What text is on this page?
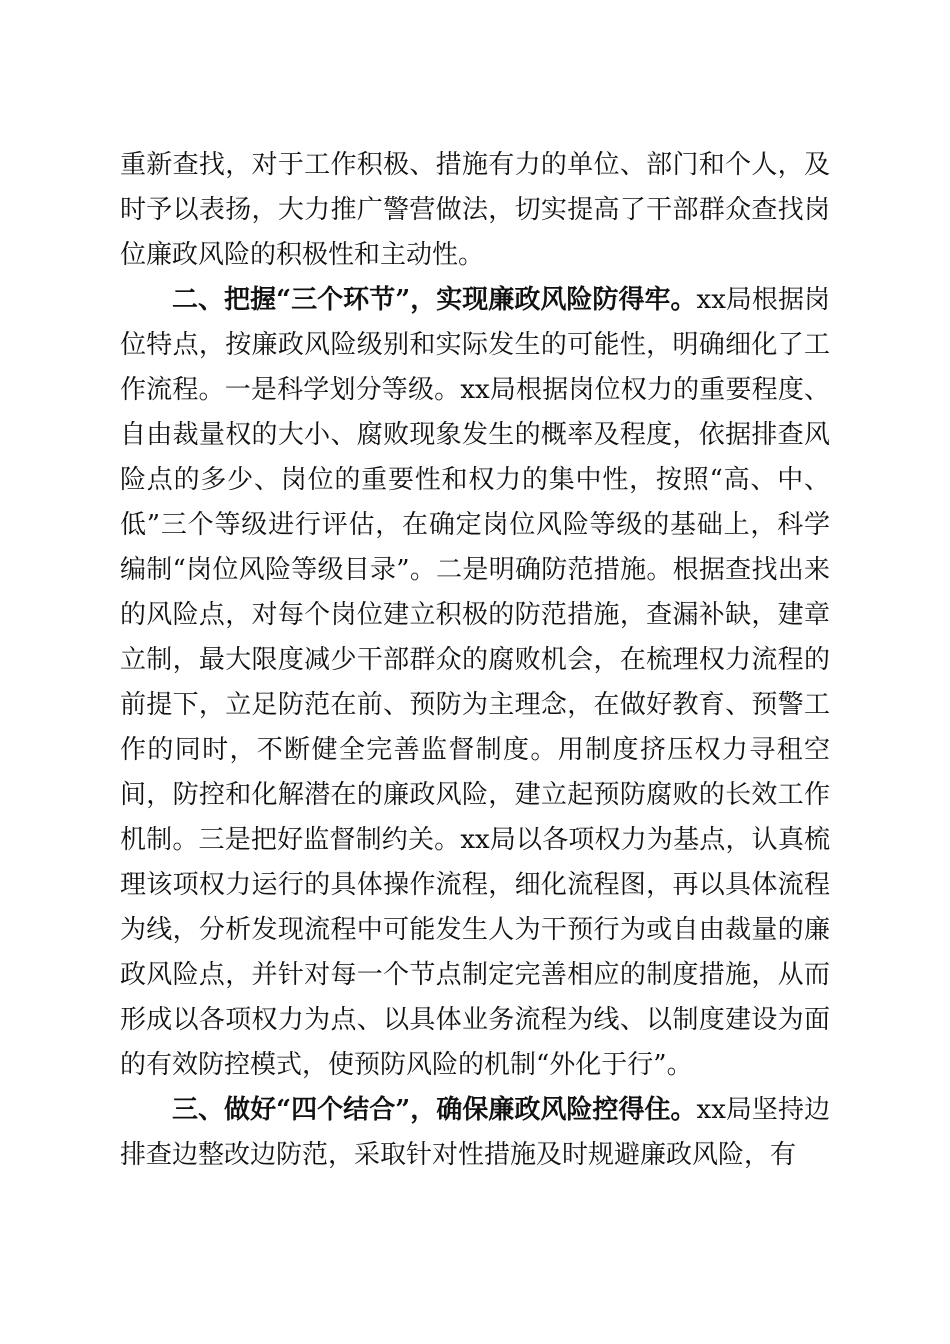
重新查找，对于工作积极、措施有力的单位、部门和个人，及时予以表扬，大力推广警营做法，切实提高了干部群众查找岗位廉政风险的积极性和主动性。

二、把握“三个环节”，实现廉政风险防得牢。xx局根据岗位特点，按廉政风险级别和实际发生的可能性，明确细化了工作流程。一是科学划分等级。xx局根据岗位权力的重要程度、自由裁量权的大小、腐败现象发生的概率及程度，依据排查风险点的多少、岗位的重要性和权力的集中性，按照“高、中、低”三个等级进行评估，在确定岗位风险等级的基础上，科学编制“岗位风险等级目录”。二是明确防范措施。根据查找出来的风险点，对每个岗位建立积极的防范措施，查漏补缺，建章立制，最大限度减少干部群众的腐败机会，在梳理权力流程的前提下，立足防范在前、预防为主理念，在做好教育、预警工作的同时，不断健全完善监督制度。用制度挤压权力寻租空间，防控和化解潜在的廉政风险，建立起预防腐败的长效工作机制。三是把好监督制约关。xx局以各项权力为基点，认真梳理该项权力运行的具体操作流程，细化流程图，再以具体流程为线，分析发现流程中可能发生人为干预行为或自由裁量的廉政风险点，并针对每一个节点制定完善相应的制度措施，从而形成以各项权力为点、以具体业务流程为线、以制度建设为面的有效防控模式，使预防风险的机制“外化于行”。

三、做好“四个结合”，确保廉政风险控得住。xx局坚持边排查边整改边防范，采取针对性措施及时规避廉政风险，有
